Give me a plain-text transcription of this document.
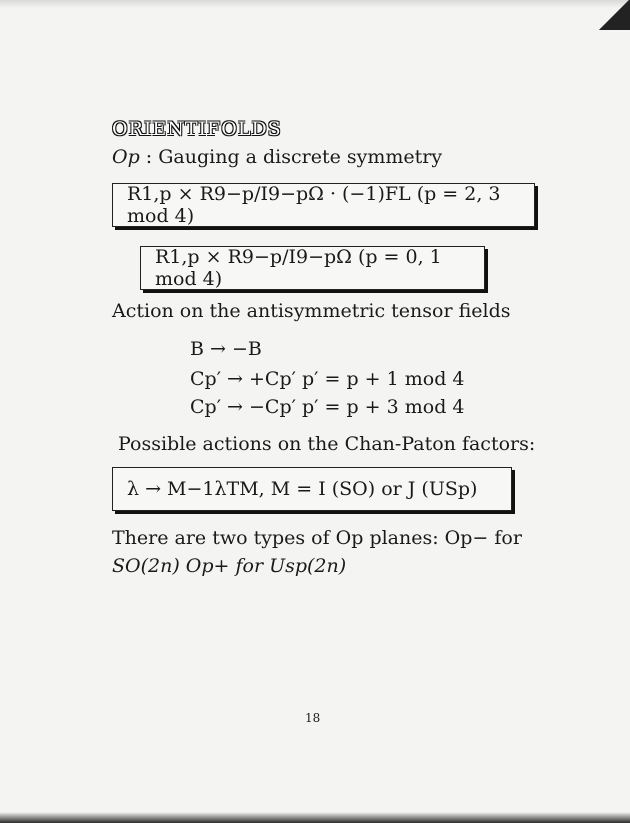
ORIENTIFOLDS
Op : Gauging a discrete symmetry
R1,p × R9−p/I9−pΩ · (−1)FL (p = 2, 3 mod 4)
R1,p × R9−p/I9−pΩ (p = 0, 1 mod 4)
Action on the antisymmetric tensor fields
B → −B
Cp′ → +Cp′ p′ = p + 1 mod 4
Cp′ → −Cp′ p′ = p + 3 mod 4
Possible actions on the Chan-Paton factors:
λ → M−1λTM, M = I (SO) or J (USp)
There are two types of Op planes: Op− for
SO(2n) Op+ for Usp(2n)
18
